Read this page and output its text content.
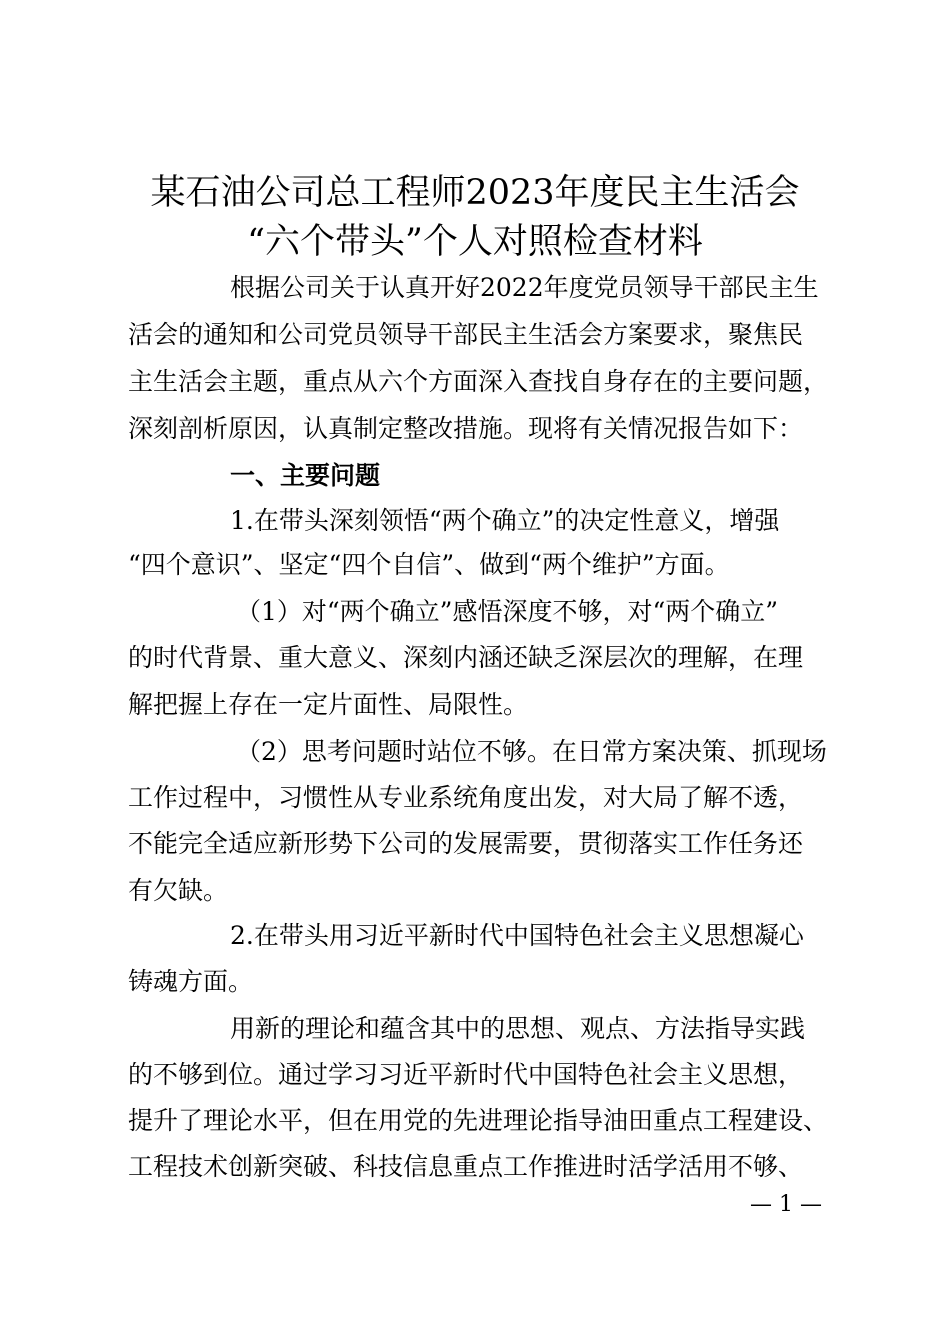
某石油公司总工程师2023年度民主生活会
“六个带头”个人对照检查材料
根据公司关于认真开好2022年度党员领导干部民主生
活会的通知和公司党员领导干部民主生活会方案要求，聚焦民
主生活会主题，重点从六个方面深入查找自身存在的主要问题，
深刻剖析原因，认真制定整改措施。现将有关情况报告如下：
一、主要问题
1.在带头深刻领悟“两个确立”的决定性意义，增强
“四个意识”、坚定“四个自信”、做到“两个维护”方面。
（1）对“两个确立”感悟深度不够，对“两个确立”
的时代背景、重大意义、深刻内涵还缺乏深层次的理解，在理
解把握上存在一定片面性、局限性。
（2）思考问题时站位不够。在日常方案决策、抓现场
工作过程中，习惯性从专业系统角度出发，对大局了解不透，
不能完全适应新形势下公司的发展需要，贯彻落实工作任务还
有欠缺。
2.在带头用习近平新时代中国特色社会主义思想凝心
铸魂方面。
用新的理论和蕴含其中的思想、观点、方法指导实践
的不够到位。通过学习习近平新时代中国特色社会主义思想，
提升了理论水平，但在用党的先进理论指导油田重点工程建设、
工程技术创新突破、科技信息重点工作推进时活学活用不够、
— 1 —
